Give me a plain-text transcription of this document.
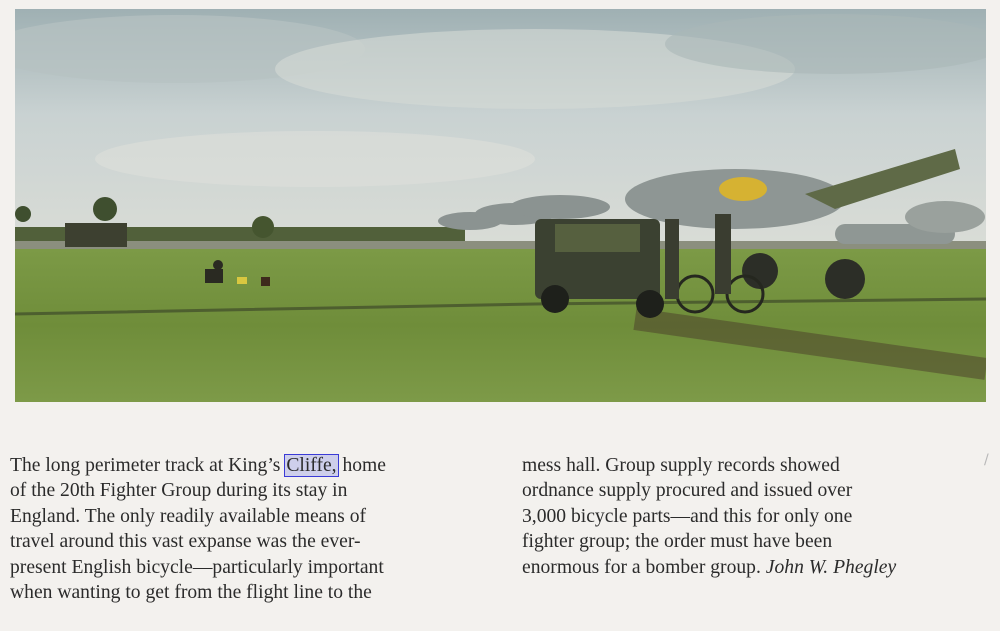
The long perimeter track at King’s Cliffe, home
of the 20th Fighter Group during its stay in
England. The only readily available means of
travel around this vast expanse was the ever-
present English bicycle—particularly important
when wanting to get from the flight line to the
mess hall. Group supply records showed
ordnance supply procured and issued over
3,000 bicycle parts—and this for only one
fighter group; the order must have been
enormous for a bomber group. John W. Phegley
/
